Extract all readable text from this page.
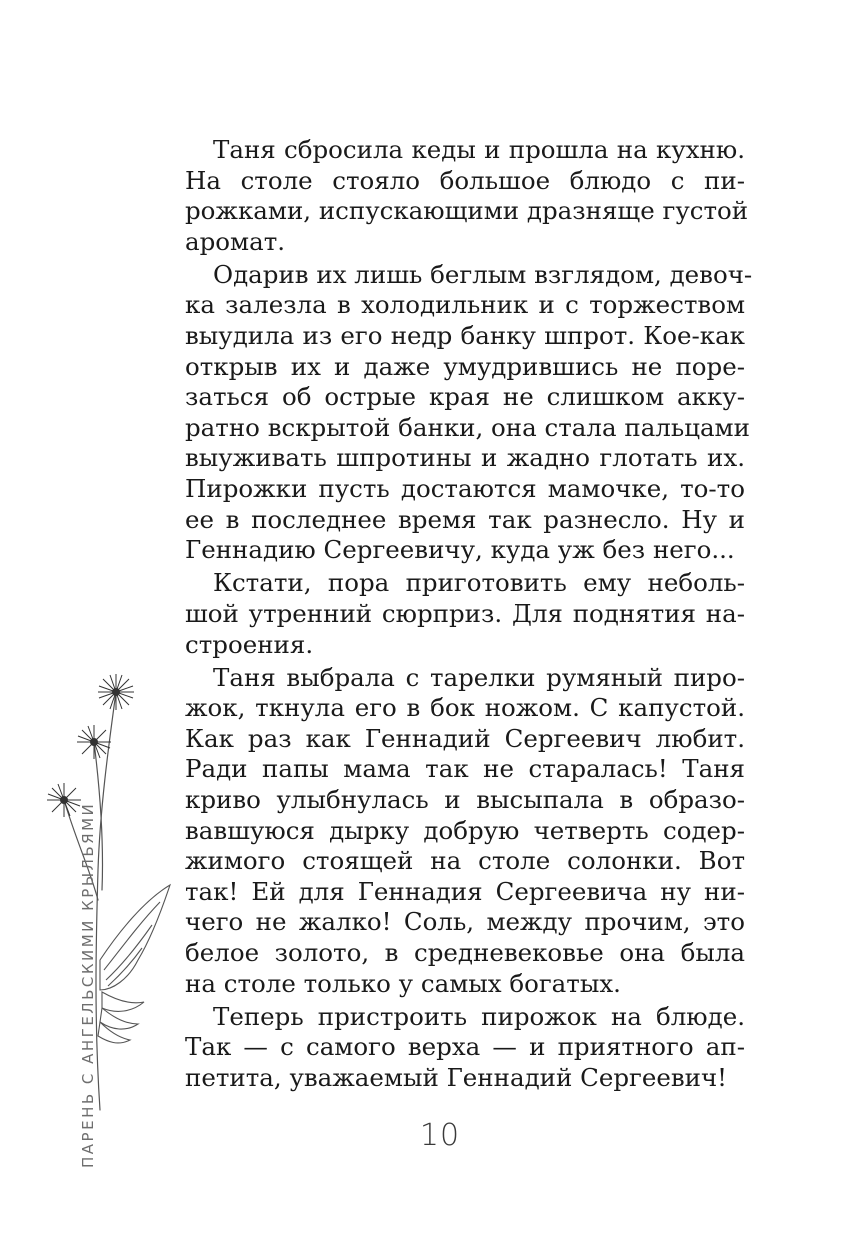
ПАРЕНЬ С АНГЕЛЬСКИМИ КРЫЛЬЯМИ
Таня сбросила кеды и прошла на кухню.
На столе стояло большое блюдо с пи-
рожками, испускающими дразняще густой
аромат.
Одарив их лишь беглым взглядом, девоч-
ка залезла в холодильник и с торжеством
выудила из его недр банку шпрот. Кое-как
открыв их и даже умудрившись не поре-
заться об острые края не слишком акку-
ратно вскрытой банки, она стала пальцами
выуживать шпротины и жадно глотать их.
Пирожки пусть достаются мамочке, то-то
ее в последнее время так разнесло. Ну и
Геннадию Сергеевичу, куда уж без него...
Кстати, пора приготовить ему неболь-
шой утренний сюрприз. Для поднятия на-
строения.
Таня выбрала с тарелки румяный пиро-
жок, ткнула его в бок ножом. С капустой.
Как раз как Геннадий Сергеевич любит.
Ради папы мама так не старалась! Таня
криво улыбнулась и высыпала в образо-
вавшуюся дырку добрую четверть содер-
жимого стоящей на столе солонки. Вот
так! Ей для Геннадия Сергеевича ну ни-
чего не жалко! Соль, между прочим, это
белое золото, в средневековье она была
на столе только у самых богатых.
Теперь пристроить пирожок на блюде.
Так — с самого верха — и приятного ап-
петита, уважаемый Геннадий Сергеевич!
10
